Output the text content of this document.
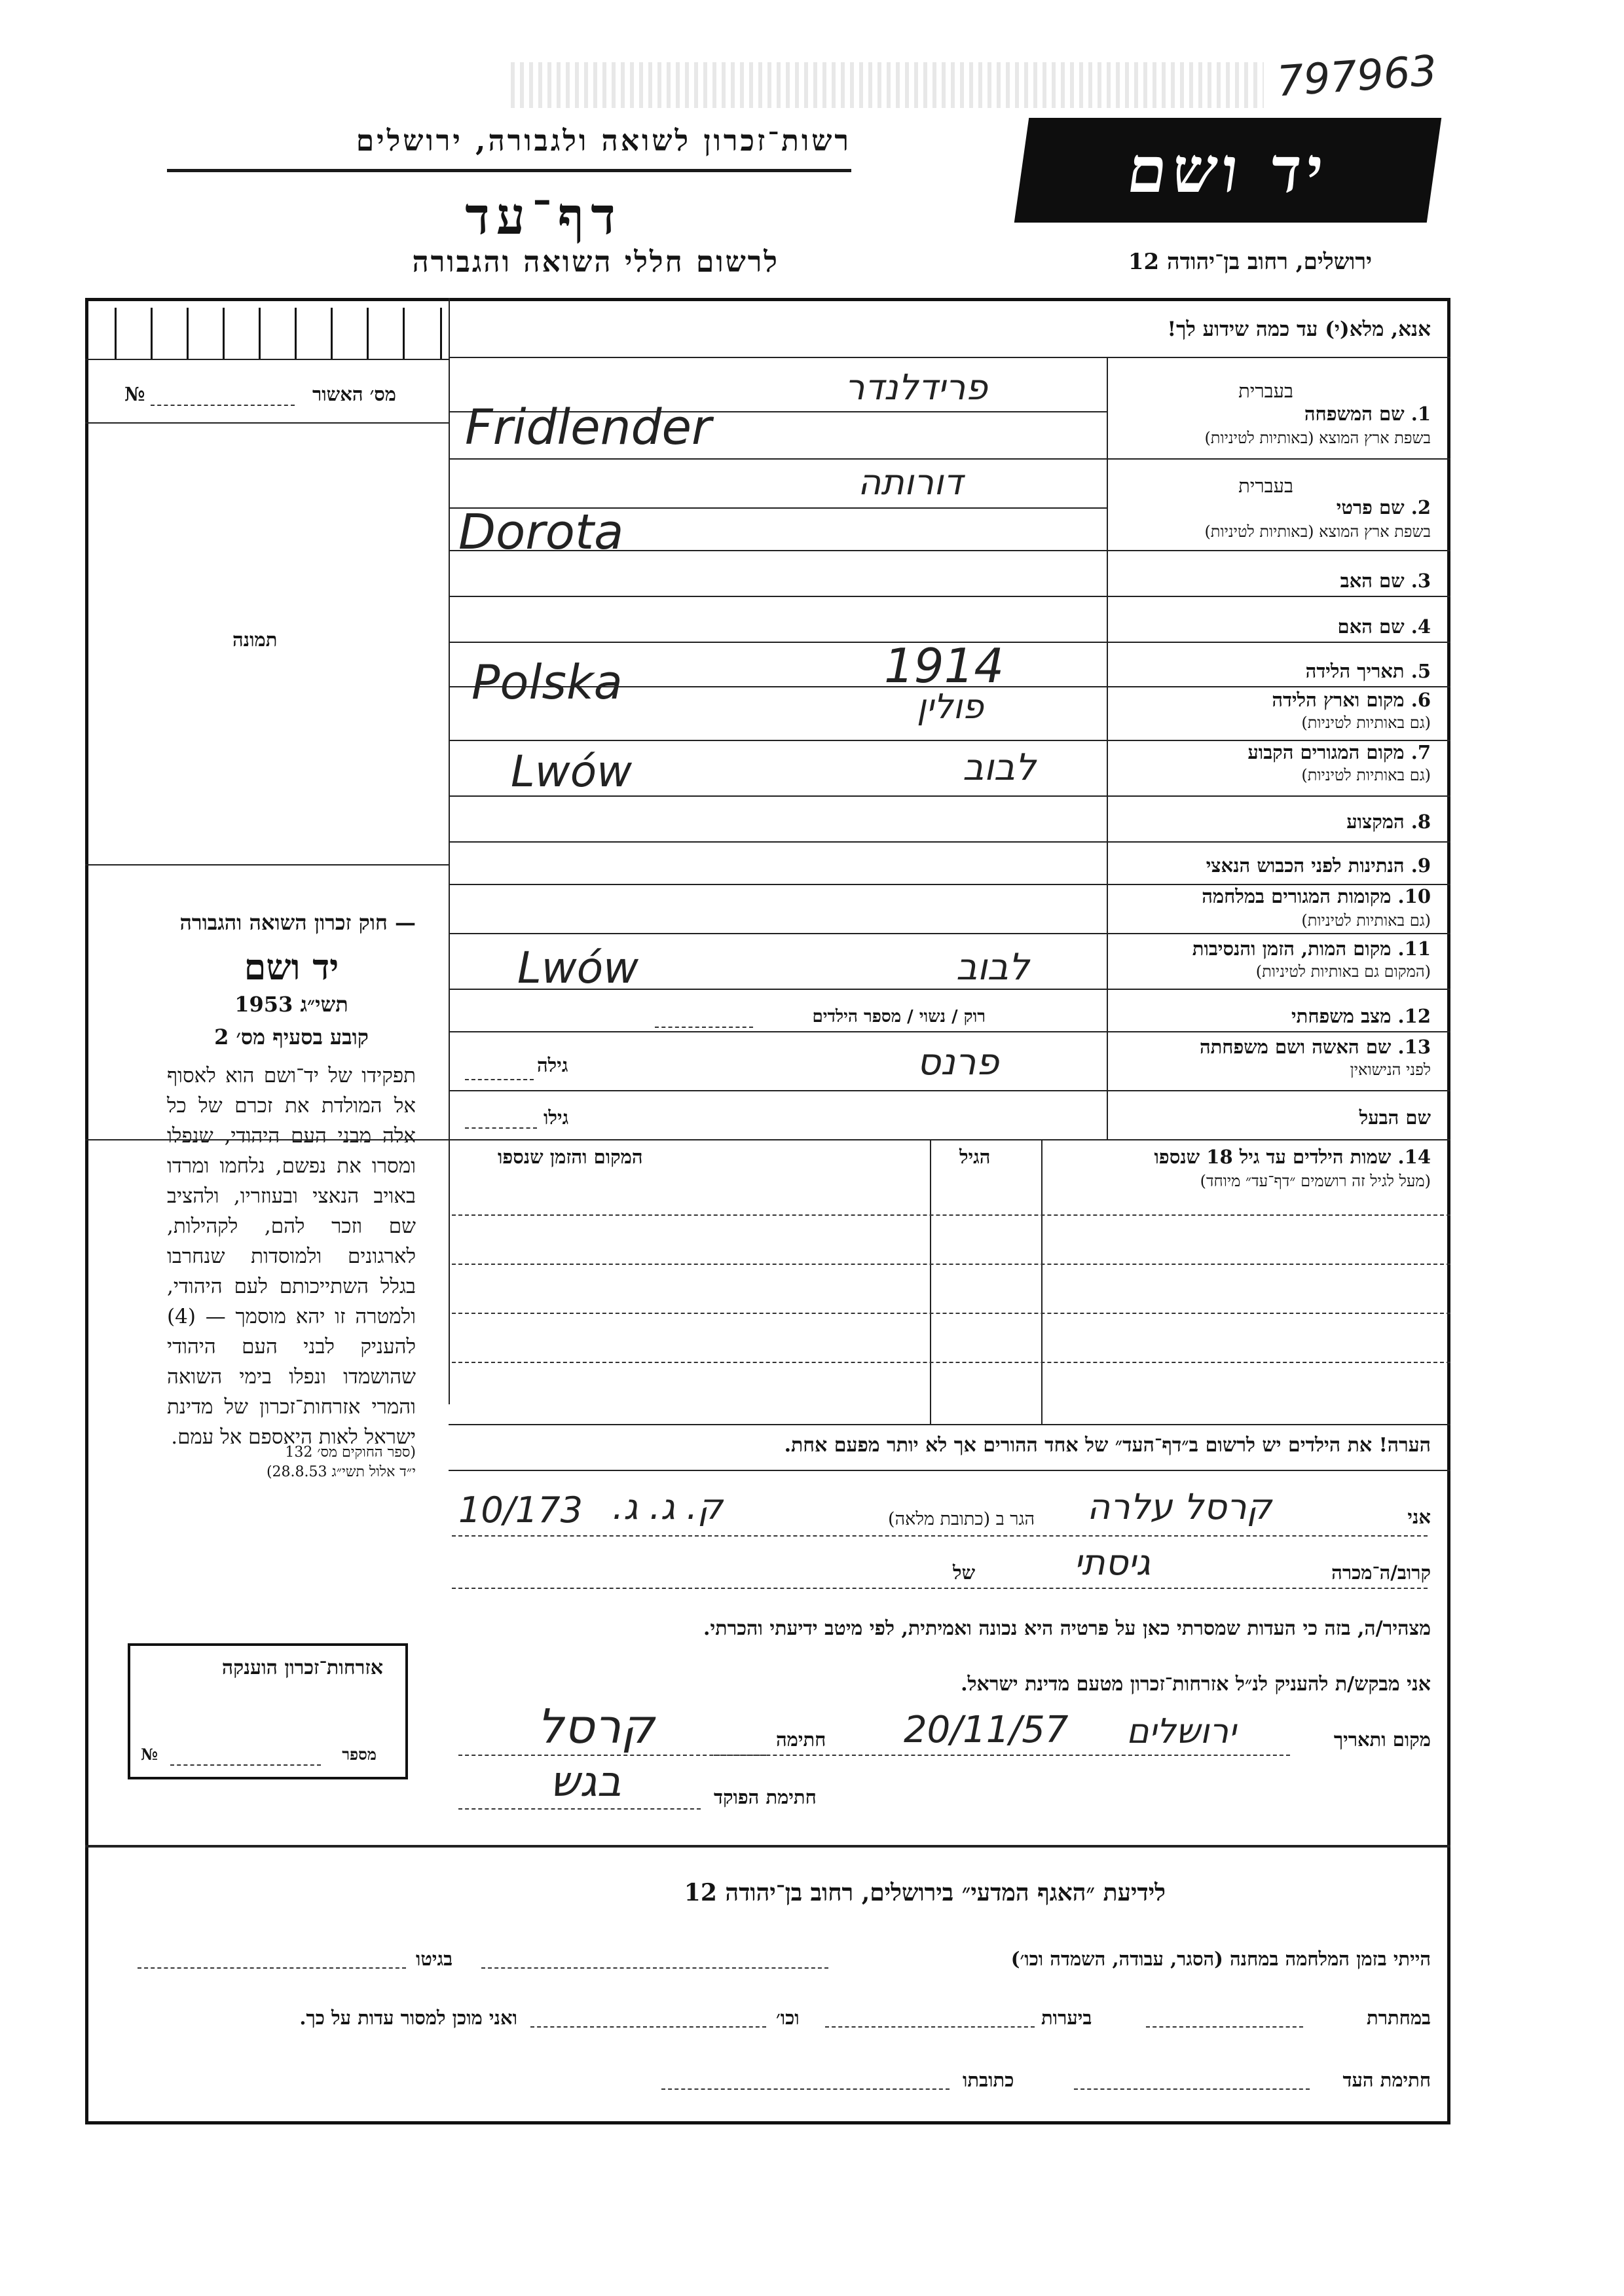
797963
רשות־זכרון לשואה ולגבורה, ירושלים
דף־עד
לרשום חללי השואה והגבורה
יד ושם
ירושלים, רחוב בן־יהודה 12
מס׳ האשור
№
תמונה
— חוק זכרון השואה והגבורה
יד ושם
תשי״ג 1953
קובע בסעיף מס׳ 2
תפקידו של יד־ושם הוא לאסוף אל המולדת את זכרם של כל אלה מבני העם היהודי, שנפלו ומסרו את נפשם, נלחמו ומרדו באויב הנאצי ובעוזריו, ולהציב שם וזכר להם, לקהילות, לארגונים ולמוסדות שנחרבו בגלל השתייכותם לעם היהודי, ולמטרה זו יהא מוסמך — (4) להעניק לבני העם היהודי שהושמדו ונפלו בימי השואה והמרי אזרחות־זכרון של מדינת ישראל לאות היאספם אל עמם.
(ספר החוקים מס׳ 132
י״ד אלול תשי״ג 28.8.53)
אזרחות־זכרון הוענקה
מספר
№
אנא, מלא(י) עד כמה שידוע לך!
בעברית
1. שם המשפחה
בשפת ארץ המוצא (באותיות לטיניות)
פרידלנדר
Fridlender
בעברית
2. שם פרטי
בשפת ארץ המוצא (באותיות לטיניות)
דורותה
Dorota
3. שם האב
4. שם האם
5. תאריך הלידה
1914
6. מקום וארץ הלידה
(גם באותיות לטיניות)
Polska	פולין
7. מקום המגורים הקבוע
(גם באותיות לטיניות)
Lwów	לבוב
8. המקצוע
9. הנתינות לפני הכבוש הנאצי
10. מקומות המגורים במלחמה
(גם באותיות לטיניות)
11. מקום המות, הזמן והנסיבות
(המקום גם באותיות לטיניות)
Lwów	לבוב
12. מצב משפחתי
רוק / נשוי / מספר הילדים
13. שם האשה ושם משפחתה
לפני הנישואין
גילה	פרנס
שם הבעל
גילו
14. שמות הילדים עד גיל 18 שנספו
(מעל לגיל זה רושמים ״דף־עד״ מיוחד)
הגיל
המקום והזמן שנספו
הערה! את הילדים יש לרשום ב״דף־העד״ של אחד ההורים אך לא יותר מפעם אחת.
אני
קרסל עלרה
הגר ב (כתובת מלאה)
ק. ג. ג.
10/173
קרוב/ה־מכרה
גיסתי
של
מצהיר/ה, בזה כי העדות שמסרתי כאן על פרטיה היא נכונה ואמיתית, לפי מיטב ידיעתי והכרתי.
אני מבקש/ת להעניק לנ״ל אזרחות־זכרון מטעם מדינת ישראל.
מקום ותאריך
ירושלים
20/11/57
חתימה
קרסל
חתימת הפוקד
בגש
לידיעת ״האגף המדעי״ בירושלים, רחוב בן־יהודה 12
הייתי בזמן המלחמה במחנה (הסגר, עבודה, השמדה וכו׳)
בגיטו
במחתרת
ביערות
וכו׳
ואני מוכן למסור עדות על כך.
חתימת העד
כתובתו
